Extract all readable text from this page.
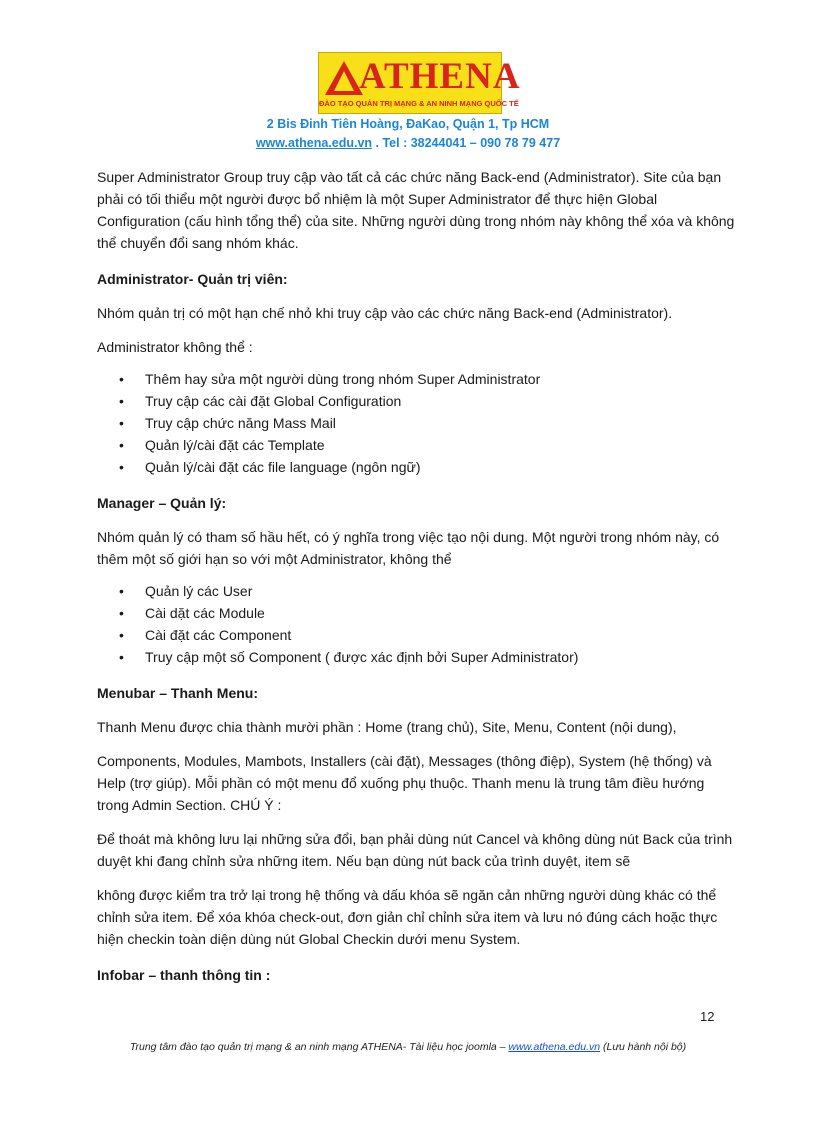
ATHENA
ĐÀO TẠO QUẢN TRỊ MẠNG & AN NINH MẠNG QUỐC TẾ
2 Bis Đinh Tiên Hoàng, ĐaKao, Quận 1, Tp HCM
www.athena.edu.vn . Tel : 38244041 – 090 78 79 477

Super Administrator Group truy cập vào tất cả các chức năng Back-end (Administrator). Site của bạn phải có tối thiểu một người được bổ nhiệm là một Super Administrator để thực hiện Global Configuration (cấu hình tổng thể) của site. Những người dùng trong nhóm này không thể xóa và không thể chuyển đổi sang nhóm khác.

Administrator- Quản trị viên:

Nhóm quản trị có một hạn chế nhỏ khi truy cập vào các chức năng Back-end (Administrator).

Administrator không thể :

• Thêm hay sửa một người dùng trong nhóm Super Administrator
• Truy cập các cài đặt Global Configuration
• Truy cập chức năng Mass Mail
• Quản lý/cài đặt các Template
• Quản lý/cài đặt các file language (ngôn ngữ)

Manager – Quản lý:

Nhóm quản lý có tham số hầu hết, có ý nghĩa trong việc tạo nội dung. Một người trong nhóm này, có thêm một số giới hạn so với một Administrator, không thể

• Quản lý các User
• Cài dặt các Module
• Cài đặt các Component
• Truy cập một số Component ( được xác định bởi Super Administrator)

Menubar – Thanh Menu:

Thanh Menu được chia thành mười phần : Home (trang chủ), Site, Menu, Content (nội dung),

Components, Modules, Mambots, Installers (cài đặt), Messages (thông điệp), System (hệ thống) và Help (trợ giúp). Mỗi phần có một menu đổ xuống phụ thuộc. Thanh menu là trung tâm điều hướng trong Admin Section. CHÚ Ý :

Để thoát mà không lưu lại những sửa đổi, bạn phải dùng nút Cancel và không dùng nút Back của trình duyệt khi đang chỉnh sửa những item. Nếu bạn dùng nút back của trình duyệt, item sẽ

không được kiểm tra trở lại trong hệ thống và dấu khóa sẽ ngăn cản những người dùng khác có thể chỉnh sửa item. Để xóa khóa check-out, đơn giản chỉ chỉnh sửa item và lưu nó đúng cách hoặc thực hiện checkin toàn diện dùng nút Global Checkin dưới menu System.

Infobar – thanh thông tin :

12
Trung tâm đào tạo quản trị mạng & an ninh mạng ATHENA- Tài liệu học joomla – www.athena.edu.vn (Lưu hành nội bộ)
